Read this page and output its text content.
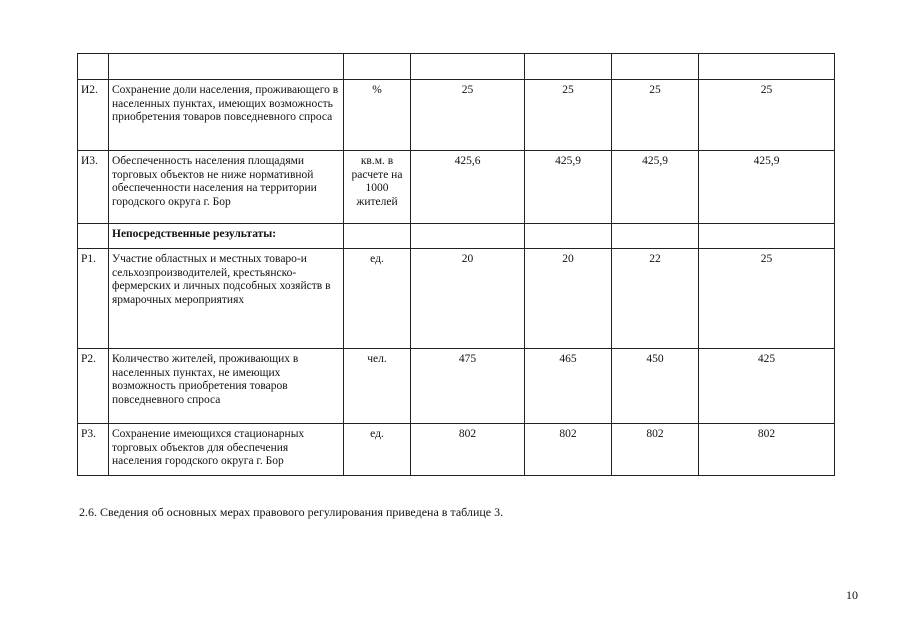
И2.	Сохранение доли населения, проживающего в населенных пунктах, имеющих возможность приобретения товаров повседневного спроса	%	25	25	25	25
И3.	Обеспеченность населения площадями торговых объектов не ниже нормативной обеспеченности населения на территории городского округа г. Бор	кв.м. в расчете на 1000 жителей	425,6	425,9	425,9	425,9
	Непосредственные результаты:					
Р1.	Участие областных и местных товаро-и сельхозпроизводителей, крестьянско-фермерских и личных подсобных хозяйств в ярмарочных мероприятиях	ед.	20	20	22	25
Р2.	Количество жителей, проживающих в населенных пунктах, не имеющих возможность приобретения товаров повседневного спроса	чел.	475	465	450	425
Р3.	Сохранение имеющихся стационарных торговых объектов для обеспечения населения городского округа г. Бор	ед.	802	802	802	802
2.6. Сведения об основных мерах правового регулирования приведена в таблице 3.
10
